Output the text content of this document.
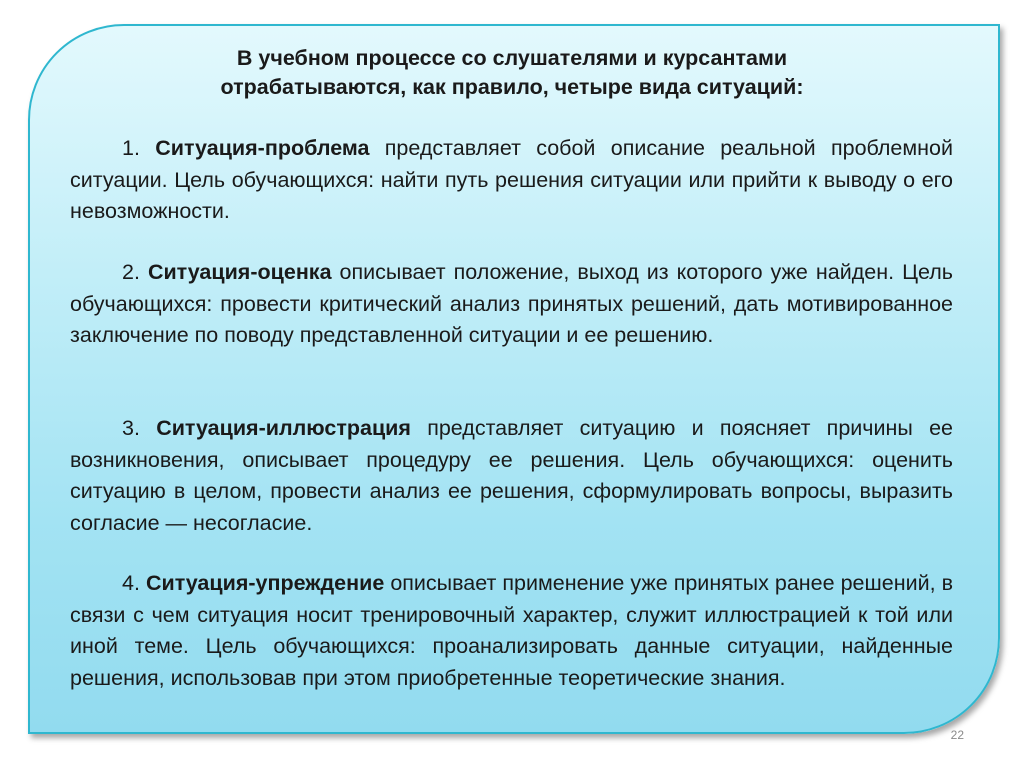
В учебном процессе со слушателями и курсантами
отрабатываются, как правило, четыре вида ситуаций:

1. Ситуация-проблема представляет собой описание реальной проблемной ситуации. Цель обучающихся: найти путь решения ситуации или прийти к выводу о его невозможности.

2. Ситуация-оценка описывает положение, выход из которого уже найден. Цель обучающихся: провести критический анализ принятых решений, дать мотивированное заключение по поводу представленной ситуации и ее решению.

3. Ситуация-иллюстрация представляет ситуацию и поясняет причины ее возникновения, описывает процедуру ее решения. Цель обучающихся: оценить ситуацию в целом, провести анализ ее решения, сформулировать вопросы, выразить согласие — несогласие.

4. Ситуация-упреждение описывает применение уже принятых ранее решений, в связи с чем ситуация носит тренировочный характер, служит иллюстрацией к той или иной теме. Цель обучающихся: проанализировать данные ситуации, найденные решения, использовав при этом приобретенные теоретические знания.

22
